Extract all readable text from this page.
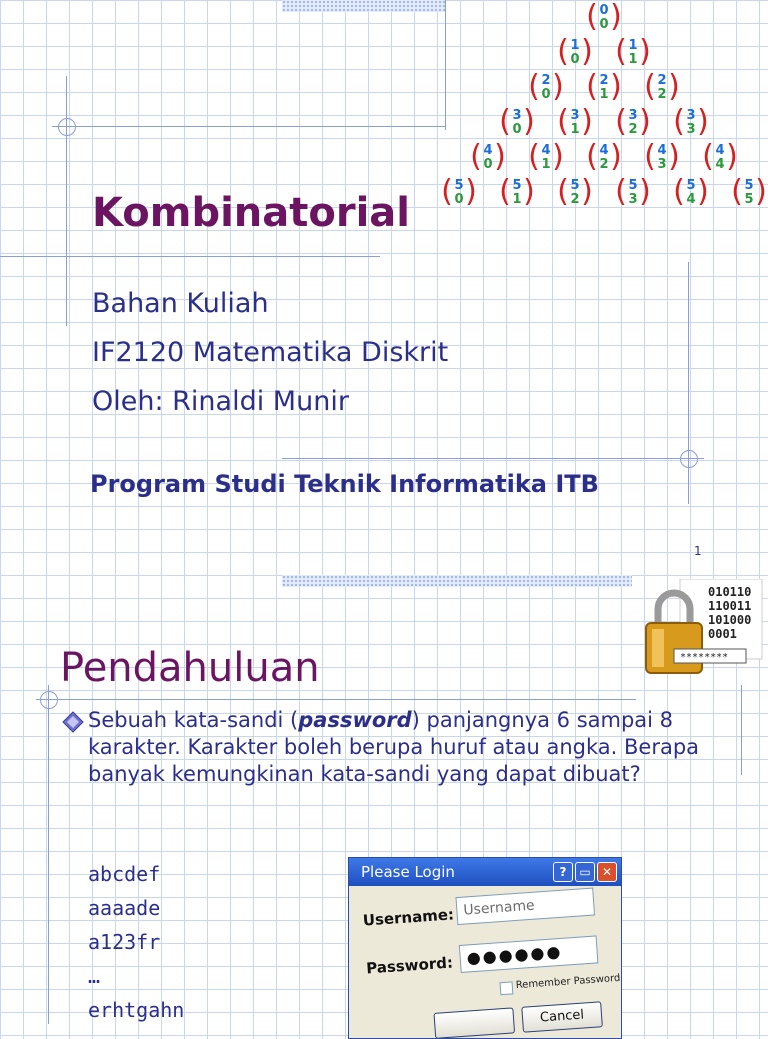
( )
0
0
( )
1
0 ( )
1
1
( )
2
0 ( )
2
1 ( )
2
2
( )
3
0 ( )
3
1 ( )
3
2 ( )
3
3
( )
4
0 ( )
4
1 ( )
4
2 ( )
4
3 ( )
4
4
( )
5
0 ( )
5
1 ( )
5
2 ( )
5
3 ( )
5
4 ( )
5
5
Kombinatorial
Bahan Kuliah
IF2120 Matematika Diskrit
Oleh: Rinaldi Munir
Program Studi Teknik Informatika ITB
1
010110
110011
101000
0001
********
Pendahuluan
Sebuah kata-sandi (password) panjangnya 6 sampai 8 karakter. Karakter boleh berupa huruf atau angka. Berapa banyak kemungkinan kata-sandi yang dapat dibuat?
abcdef
aaaade
a123fr
…
erhtgahn
Please Login	?	▭ ✕
Username: Username
Password: ●●●●●●
Remember Password
Cancel
